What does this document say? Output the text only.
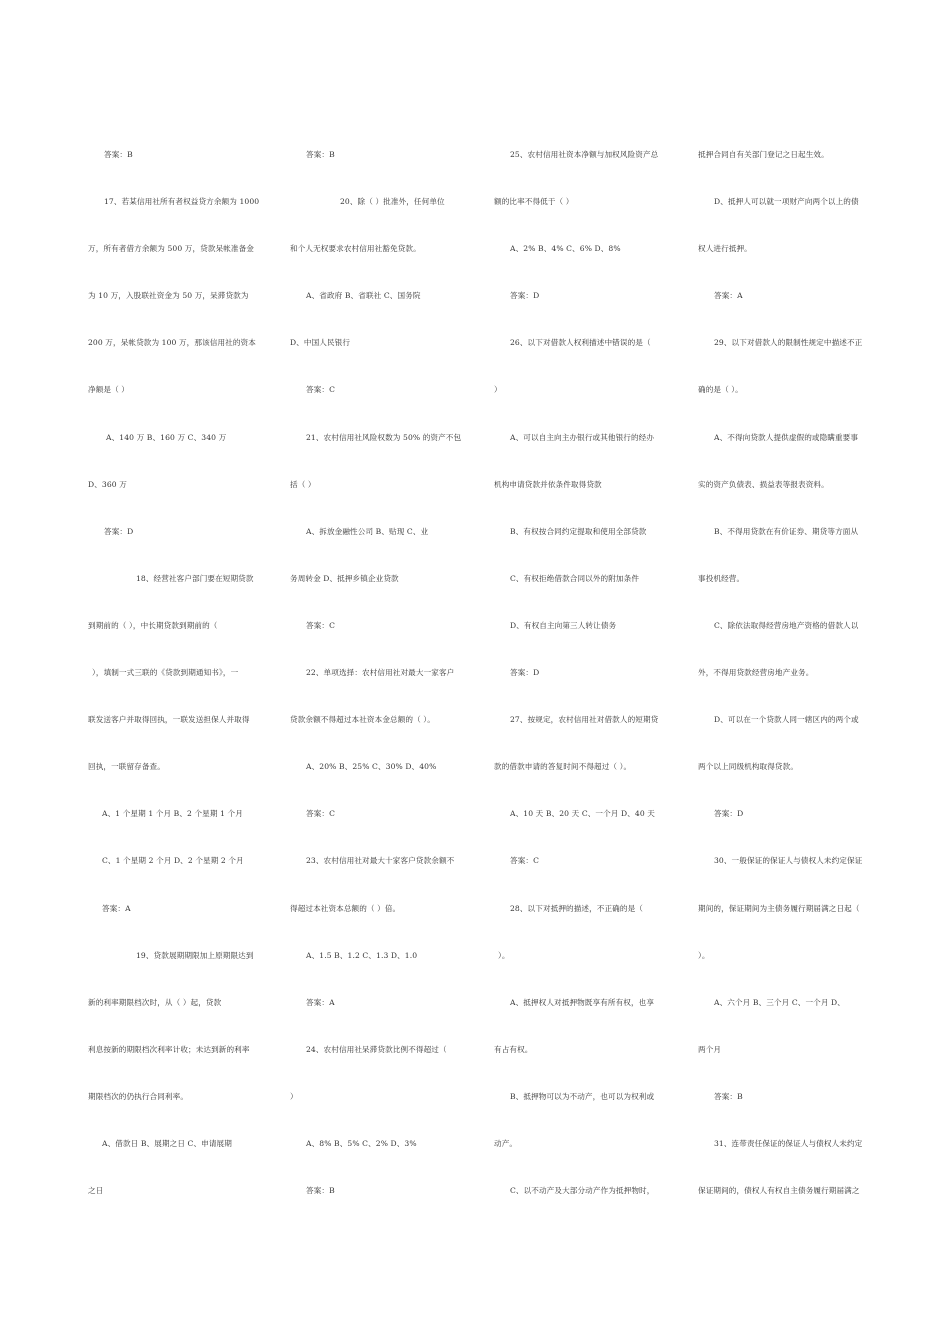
答案：B
17、若某信用社所有者权益贷方余额为 1000
万，所有者借方余额为 500 万，贷款呆帐准备金
为 10 万，入股联社资金为 50 万，呆滞贷款为
200 万，呆帐贷款为 100 万，那该信用社的资本
净额是（ ）
A、140 万 B、160 万 C、340 万
D、360 万
答案：D
18、经营社客户部门要在短期贷款
到期前的（ ），中长期贷款到期前的（
），填制一式三联的《贷款到期通知书》，一
联发送客户并取得回执，一联发送担保人并取得
回执，一联留存备查。
A、1 个星期 1 个月 B、2 个星期 1 个月
C、1 个星期 2 个月 D、2 个星期 2 个月
答案：A
19、贷款展期期限加上原期限达到
新的利率期限档次时，从（ ）起，贷款
利息按新的期限档次利率计收；未达到新的利率
期限档次的仍执行合同利率。
A、借款日 B、展期之日 C、申请展期
之日
答案：B
20、除（ ）批准外，任何单位
和个人无权要求农村信用社豁免贷款。
A、省政府 B、省联社 C、国务院
D、中国人民银行
答案：C
21、农村信用社风险权数为 50% 的资产不包
括（ ）
A、拆放金融性公司 B、贴现 C、业
务周转金 D、抵押乡镇企业贷款
答案：C
22、单项选择：农村信用社对最大一家客户
贷款余额不得超过本社资本金总额的（ ）。
A、20% B、25% C、30% D、40%
答案：C
23、农村信用社对最大十家客户贷款余额不
得超过本社资本总额的（ ）倍。
A、1.5 B、1.2 C、1.3 D、1.0
答案：A
24、农村信用社呆滞贷款比例不得超过（
）
A、8% B、5% C、2% D、3%
答案：B
25、农村信用社资本净额与加权风险资产总
额的比率不得低于（ ）
A、2% B、4% C、6% D、8%
答案：D
26、以下对借款人权利描述中错误的是（
）
A、可以自主向主办银行或其他银行的经办
机构申请贷款并依条件取得贷款
B、有权按合同约定提取和使用全部贷款
C、有权拒绝借款合同以外的附加条件
D、有权自主向第三人转让债务
答案：D
27、按规定，农村信用社对借款人的短期贷
款的借款申请的答复时间不得超过（ ）。
A、10 天 B、20 天 C、一个月 D、40 天
答案：C
28、以下对抵押的描述，不正确的是（
）。
A、抵押权人对抵押物既享有所有权，也享
有占有权。
B、抵押物可以为不动产，也可以为权利或
动产。
C、以不动产及大部分动产作为抵押物时，
抵押合同自有关部门登记之日起生效。
D、抵押人可以就一项财产向两个以上的债
权人进行抵押。
答案：A
29、以下对借款人的限制性规定中描述不正
确的是（ ）。
A、不得向贷款人提供虚假的或隐瞒重要事
实的资产负债表、损益表等报表资料。
B、不得用贷款在有价证券、期货等方面从
事投机经营。
C、除依法取得经营房地产资格的借款人以
外，不得用贷款经营房地产业务。
D、可以在一个贷款人同一辖区内的两个或
两个以上同级机构取得贷款。
答案：D
30、一般保证的保证人与债权人未约定保证
期间的，保证期间为主债务履行期届满之日起（
）。
A、六个月 B、三个月 C、一个月 D、
两个月
答案：B
31、连带责任保证的保证人与债权人未约定
保证期间的，债权人有权自主债务履行期届满之
